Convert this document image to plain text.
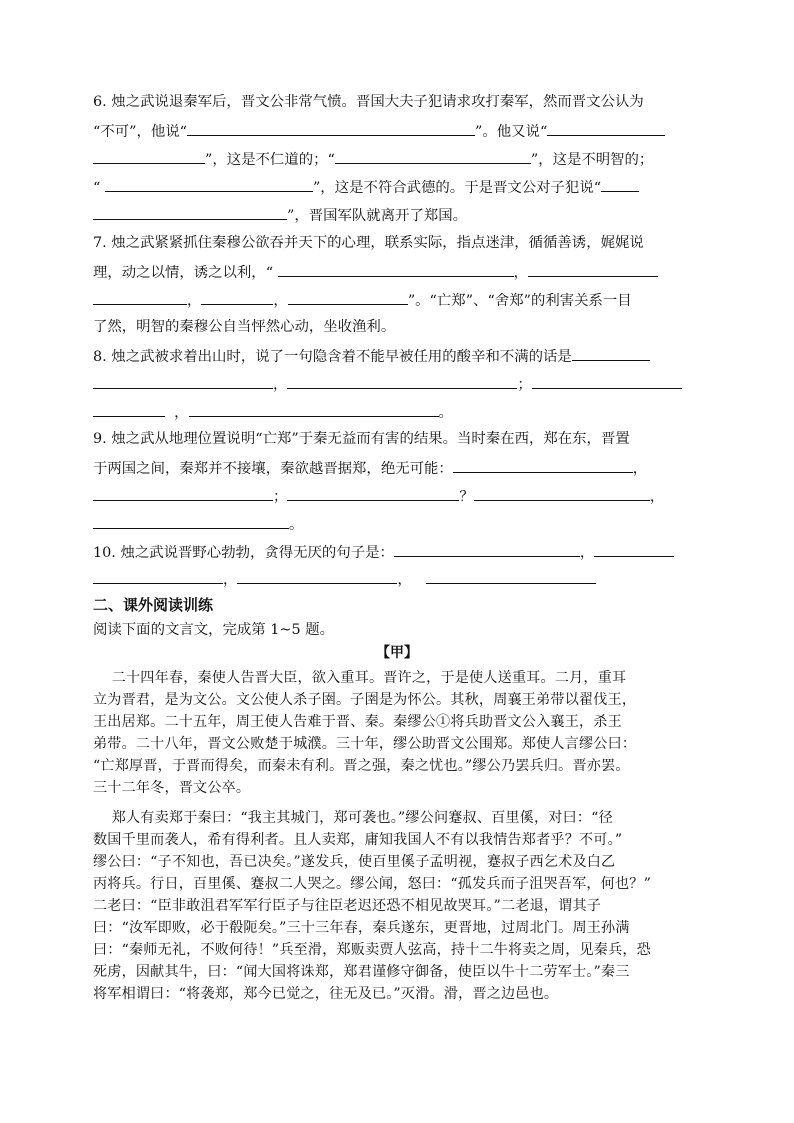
6. 烛之武说退秦军后，晋文公非常气愤。晋国大夫子犯请求攻打秦军，然而晋文公认为
“不可”，他说“	”。他又说“
”，这是不仁道的；“	”，这是不明智的；
“	”，这是不符合武德的。于是晋文公对子犯说“
”，晋国军队就离开了郑国。
7. 烛之武紧紧抓住秦穆公欲吞并天下的心理，联系实际，指点迷津，循循善诱，娓娓说
理，动之以情，诱之以利，“	，
，	，	”。“亡郑”、“舍郑”的利害关系一目
了然，明智的秦穆公自当怦然心动，坐收渔利。
8. 烛之武被求着出山时，说了一句隐含着不能早被任用的酸辛和不满的话是
，	；
，	。
9. 烛之武从地理位置说明“亡郑”于秦无益而有害的结果。当时秦在西，郑在东，晋置
于两国之间，秦郑并不接壤，秦欲越晋据郑，绝无可能：	，
；	？	，
。
10. 烛之武说晋野心勃勃，贪得无厌的句子是：	，
，	，
二、课外阅读训练
阅读下面的文言文，完成第 1~5 题。
【甲】
二十四年春，秦使人告晋大臣，欲入重耳。晋许之，于是使人送重耳。二月，重耳
立为晋君，是为文公。文公使人杀子圉。子圉是为怀公。其秋，周襄王弟带以翟伐王，
王出居郑。二十五年，周王使人告难于晋、秦。秦缪公①将兵助晋文公入襄王，杀王
弟带。二十八年，晋文公败楚于城濮。三十年，缪公助晋文公围郑。郑使人言缪公曰：
“亡郑厚晋，于晋而得矣，而秦未有利。晋之强，秦之忧也。”缪公乃罢兵归。晋亦罢。
三十二年冬，晋文公卒。
郑人有卖郑于秦曰：“我主其城门，郑可袭也。”缪公问蹇叔、百里傒，对曰：“径
数国千里而袭人，希有得利者。且人卖郑，庸知我国人不有以我情告郑者乎？不可。”
缪公曰：“子不知也，吾已决矣。”遂发兵，使百里傒子孟明视，蹇叔子西乞术及白乙
丙将兵。行日，百里傒、蹇叔二人哭之。缪公闻，怒曰：“孤发兵而子沮哭吾军，何也？”
二老曰：“臣非敢沮君军军行臣子与往臣老迟还恐不相见故哭耳。”二老退，谓其子
曰：“汝军即败，必于殽阨矣。”三十三年春，秦兵遂东，更晋地，过周北门。周王孙满
曰：“秦师无礼，不败何待！”兵至滑，郑贩卖贾人弦高，持十二牛将卖之周，见秦兵，恐
死虏，因献其牛，曰：“闻大国将诛郑，郑君谨修守御备，使臣以牛十二劳军士。”秦三
将军相谓曰：“将袭郑，郑今已觉之，往无及已。”灭滑。滑，晋之边邑也。
